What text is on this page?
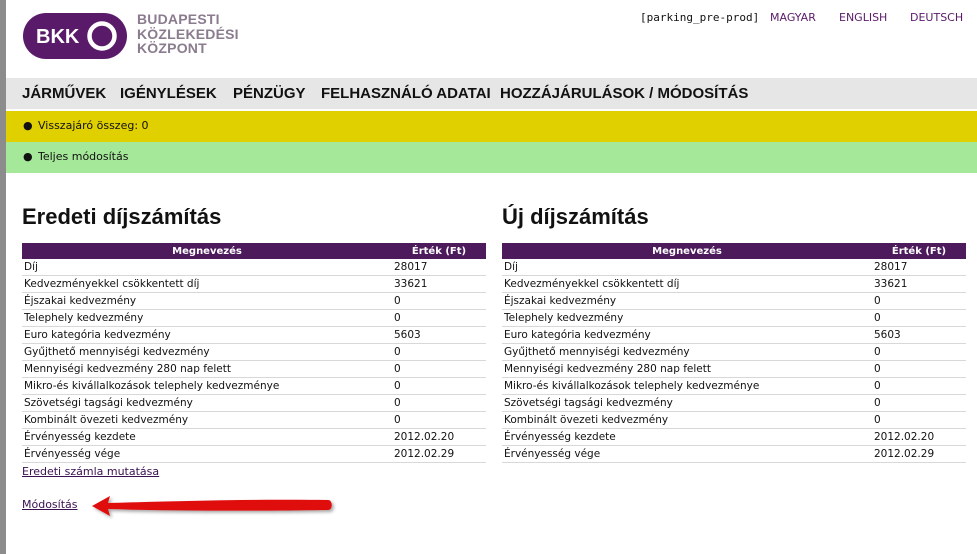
BKK
BUDAPESTI
KÖZLEKEDÉSI
KÖZPONT
[parking_pre-prod] MAGYAR ENGLISH DEUTSCH
JÁRMŰVEK IGÉNYLÉSEK PÉNZÜGY FELHASZNÁLÓ ADATAI HOZZÁJÁRULÁSOK / MÓDOSÍTÁS
● Visszajáró összeg: 0
● Teljes módosítás
Eredeti díjszámítás
Megnevezés	Érték (Ft)
Díj	28017
Kedvezményekkel csökkentett díj	33621
Éjszakai kedvezmény	0
Telephely kedvezmény	0
Euro kategória kedvezmény	5603
Gyűjthető mennyiségi kedvezmény	0
Mennyiségi kedvezmény 280 nap felett	0
Mikro-és kivállalkozások telephely kedvezménye	0
Szövetségi tagsági kedvezmény	0
Kombinált övezeti kedvezmény	0
Érvényesség kezdete	2012.02.20
Érvényesség vége	2012.02.29
Eredeti számla mutatása
Új díjszámítás
Megnevezés	Érték (Ft)
Díj	28017
Kedvezményekkel csökkentett díj	33621
Éjszakai kedvezmény	0
Telephely kedvezmény	0
Euro kategória kedvezmény	5603
Gyűjthető mennyiségi kedvezmény	0
Mennyiségi kedvezmény 280 nap felett	0
Mikro-és kivállalkozások telephely kedvezménye	0
Szövetségi tagsági kedvezmény	0
Kombinált övezeti kedvezmény	0
Érvényesség kezdete	2012.02.20
Érvényesség vége	2012.02.29
Módosítás
